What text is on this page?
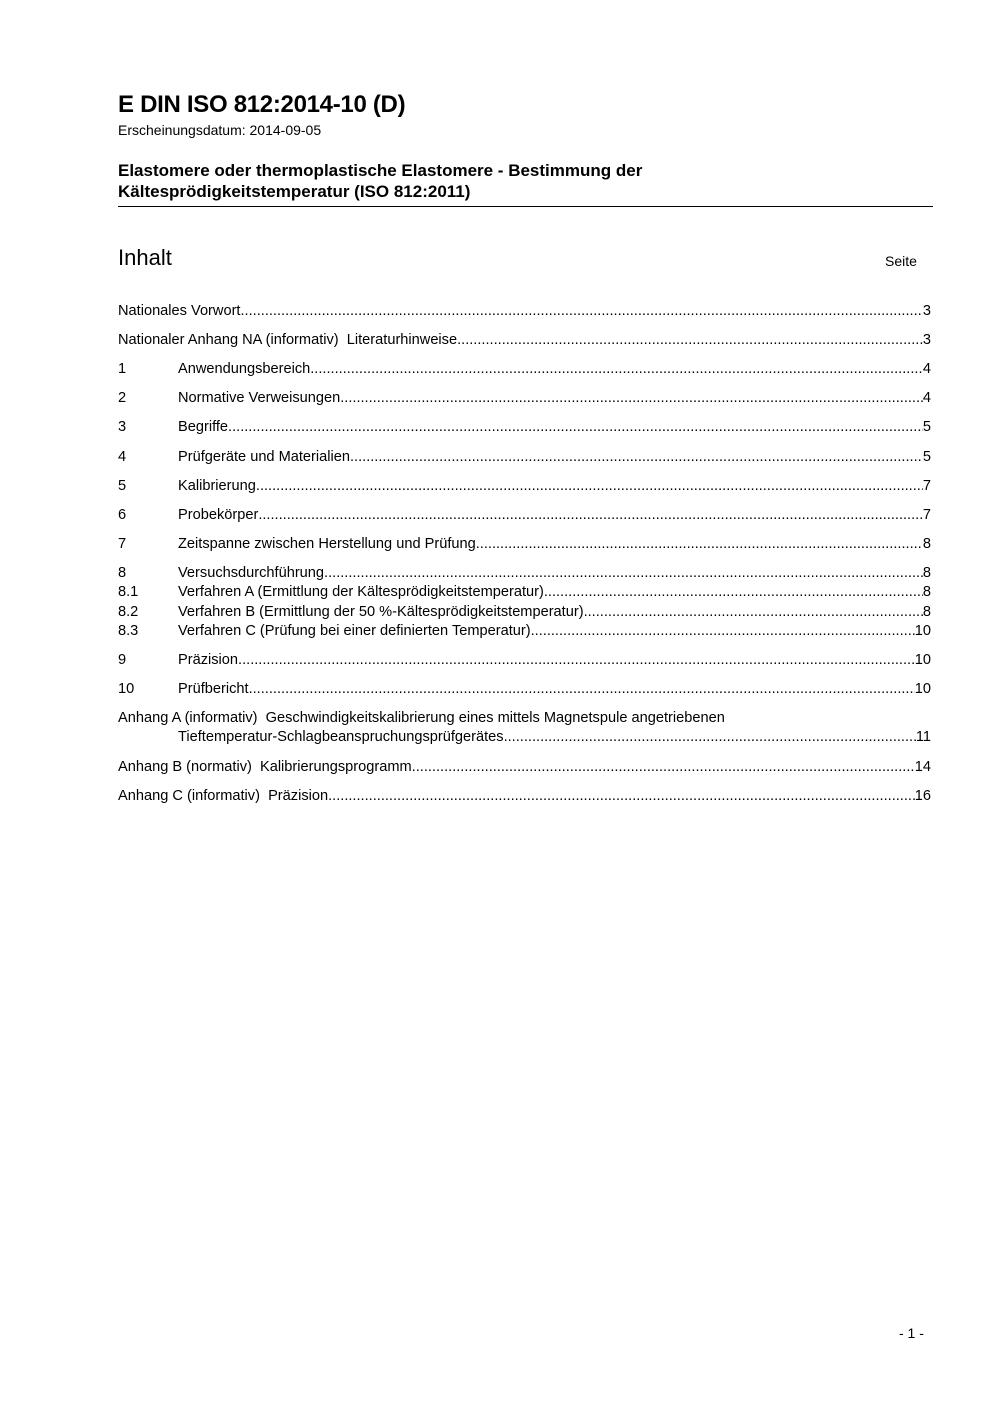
E DIN ISO 812:2014-10 (D)
Erscheinungsdatum: 2014-09-05
Elastomere oder thermoplastische Elastomere - Bestimmung der
Kältesprödigkeitstemperatur (ISO 812:2011)
Inhalt	Seite
Nationales Vorwort .....	3
Nationaler Anhang NA (informativ) Literaturhinweise .....	3
1	Anwendungsbereich .....	4
2	Normative Verweisungen .....	4
3	Begriffe .....	5
4	Prüfgeräte und Materialien .....	5
5	Kalibrierung .....	7
6	Probekörper .....	7
7	Zeitspanne zwischen Herstellung und Prüfung .....	8
8	Versuchsdurchführung .....	8
8.1	Verfahren A (Ermittlung der Kältesprödigkeitstemperatur) .....	8
8.2	Verfahren B (Ermittlung der 50 %-Kältesprödigkeitstemperatur) .....	8
8.3	Verfahren C (Prüfung bei einer definierten Temperatur) .....	10
9	Präzision .....	10
10	Prüfbericht .....	10
Anhang A (informativ) Geschwindigkeitskalibrierung eines mittels Magnetspule angetriebenen
Tieftemperatur-Schlagbeanspruchungsprüfgerätes .....	11
Anhang B (normativ) Kalibrierungsprogramm .....	14
Anhang C (informativ) Präzision .....	16
- 1 -
